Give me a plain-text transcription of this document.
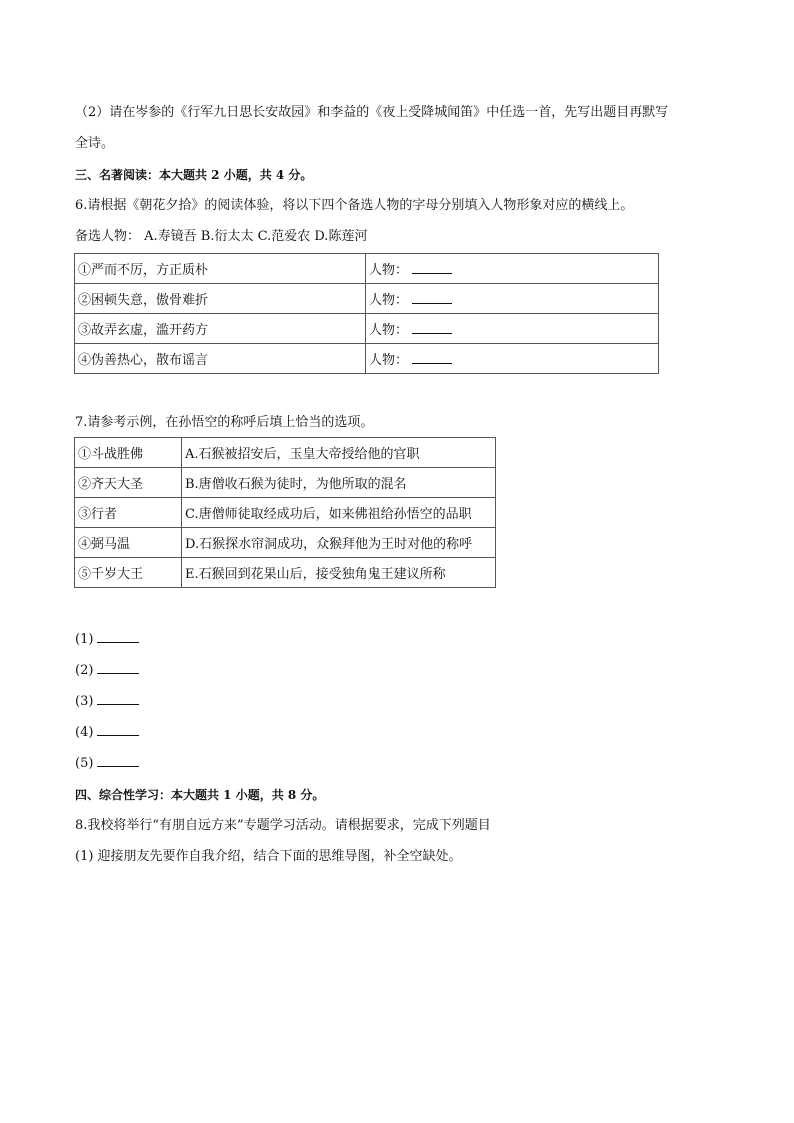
（2）请在岑参的《行军九日思长安故园》和李益的《夜上受降城闻笛》中任选一首，先写出题目再默写
全诗。
三、名著阅读：本大题共 2 小题，共 4 分。
6.请根据《朝花夕拾》的阅读体验，将以下四个备选人物的字母分别填入人物形象对应的横线上。
备选人物： A.寿镜吾 B.衍太太 C.范爱农 D.陈莲河
①严而不厉，方正质朴	人物：
②困顿失意，傲骨难折	人物：
③故弄玄虚，滥开药方	人物：
④伪善热心，散布谣言	人物：
7.请参考示例，在孙悟空的称呼后填上恰当的选项。
①斗战胜佛	A.石猴被招安后，玉皇大帝授给他的官职
②齐天大圣	B.唐僧收石猴为徒时，为他所取的混名
③行者	C.唐僧师徒取经成功后，如来佛祖给孙悟空的品职
④弼马温	D.石猴探水帘洞成功，众猴拜他为王时对他的称呼
⑤千岁大王	E.石猴回到花果山后，接受独角鬼王建议所称
(1)
(2)
(3)
(4)
(5)
四、综合性学习：本大题共 1 小题，共 8 分。
8.我校将举行“有朋自远方来”专题学习活动。请根据要求，完成下列题目
(1) 迎接朋友先要作自我介绍，结合下面的思维导图，补全空缺处。
